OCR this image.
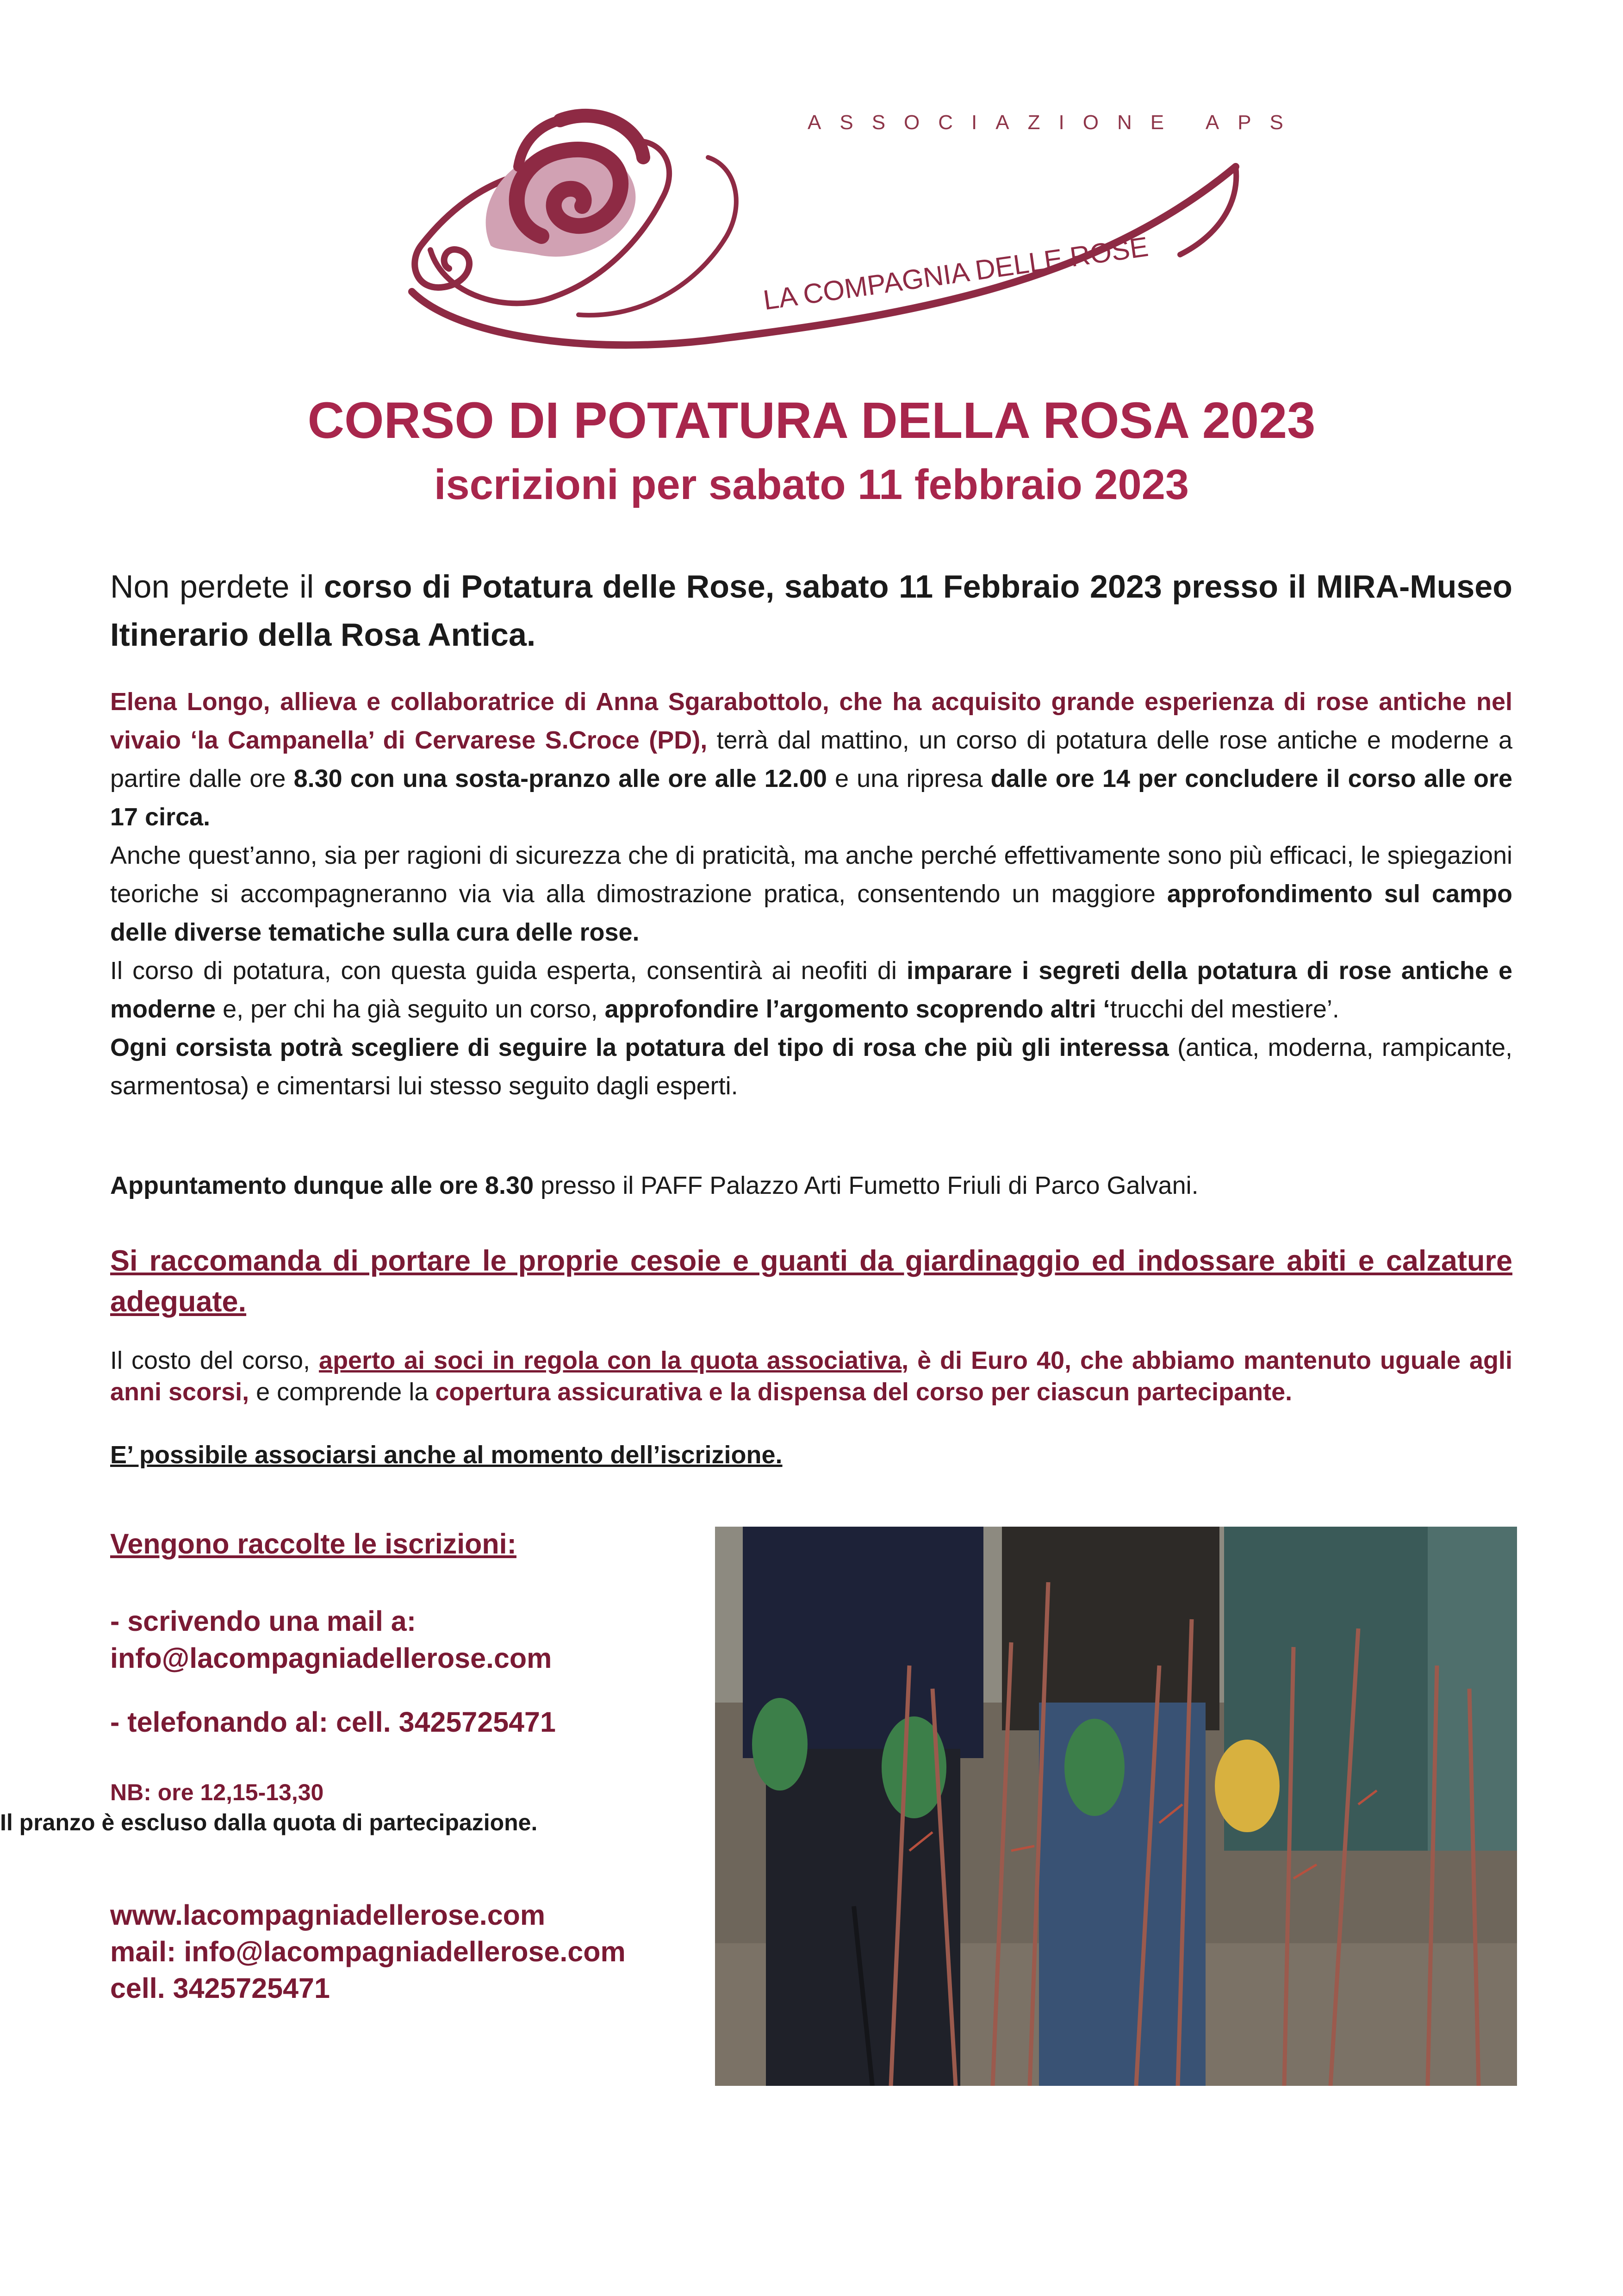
LA COMPAGNIA DELLE ROSE
ASSOCIAZIONE APS
CORSO DI POTATURA DELLA ROSA 2023
iscrizioni per sabato 11 febbraio 2023
Non perdete il corso di Potatura delle Rose, sabato 11 Febbraio 2023 presso il MIRA-Museo Itinerario della Rosa Antica.

Elena Longo, allieva e collaboratrice di Anna Sgarabottolo, che ha acquisito grande esperienza di rose antiche nel vivaio ‘la Campanella’ di Cervarese S.Croce (PD), terrà dal mattino, un corso di potatura delle rose antiche e moderne a partire dalle ore 8.30 con una sosta-pranzo alle ore alle 12.00 e una ripresa dalle ore 14 per concludere il corso alle ore 17 circa.

Anche quest’anno, sia per ragioni di sicurezza che di praticità, ma anche perché effettivamente sono più efficaci, le spiegazioni teoriche si accompagneranno via via alla dimostrazione pratica, consentendo un maggiore approfondimento sul campo delle diverse tematiche sulla cura delle rose.

Il corso di potatura, con questa guida esperta, consentirà ai neofiti di imparare i segreti della potatura di rose antiche e moderne e, per chi ha già seguito un corso, approfondire l’argomento scoprendo altri ‘trucchi del mestiere’.

Ogni corsista potrà scegliere di seguire la potatura del tipo di rosa che più gli interessa (antica, moderna, rampicante, sarmentosa) e cimentarsi lui stesso seguito dagli esperti.

Appuntamento dunque alle ore 8.30 presso il PAFF Palazzo Arti Fumetto Friuli di Parco Galvani.
Si raccomanda di portare le proprie cesoie e guanti da giardinaggio ed indossare abiti e calzature adeguate.
Il costo del corso, aperto ai soci in regola con la quota associativa, è di Euro 40, che abbiamo mantenuto uguale agli anni scorsi, e comprende la copertura assicurativa e la dispensa del corso per ciascun partecipante.
E’ possibile associarsi anche al momento dell’iscrizione.
Vengono raccolte le iscrizioni:
- scrivendo una mail a:
info@lacompagniadellerose.com
- telefonando al: cell. 3425725471
NB: ore 12,15-13,30
Il pranzo è escluso dalla quota di partecipazione.
www.lacompagniadellerose.com
mail: info@lacompagniadellerose.com
cell. 3425725471
